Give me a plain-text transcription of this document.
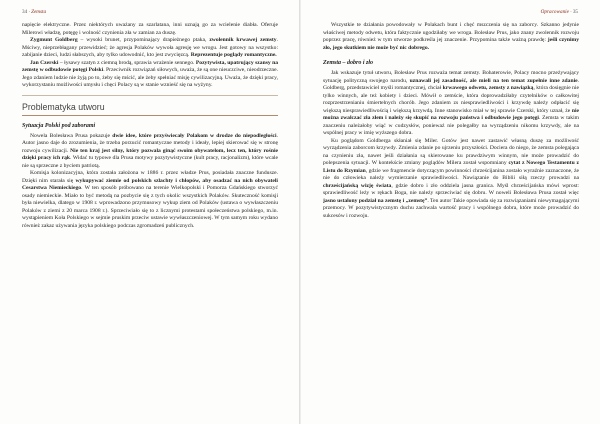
34 · Zemsta

napięcie elektryczne. Przez niektórych uważany za szarlatana, inni uznają go za wcielenie diabła. Oferuje Milerowi władzę, potęgę i wolność czynienia zła w zamian za duszę.

Zygmunt Goldberg – wysoki brunet, przypominający drapieżnego ptaka, zwolennik krwawej zemsty. Mściwy, nieprzebłagany przewidzieć; że agresja Polaków wywoła agresję we wrogu. Jest gotowy na wszystko: zabijanie dzieci, ludzi słabszych, aby tylko udowodnić, kto jest zwycięzcą. Reprezentuje poglądy romantyczne.

Jan Czerski – łysawy szatyn z ciemną brodą, sprawia wrażenie sennego. Pozytywista, upatrujący szansy na zemstę w odbudowie potęgi Polski. Przeciwnik rozwiązań siłowych, uważa, że są one nieuczciwe, nieodrzeczne. Jego zdaniem ludzie nie żyją po to, żeby się mścić, ale żeby spełniać misję cywilizacyjną. Uważa, że dzięki pracy, wykorzystaniu możliwości umysłu i chęci Polacy są w stanie wznieść się na wyżyny.

Problematyka utworu
Sytuacja Polski pod zaborami

Nowela Bolesława Prusa pokazuje dwie idee, które przyświecały Polakom w drodze do niepodległości. Autor jasno daje do zrozumienia, że trzeba porzucić romantyczne metody i ideały, lepiej skierować się w stronę rozwoju cywilizacji. Nie ten kraj jest silny, który pozwala ginąć swoim obywatelom, lecz ten, który rośnie dzięki pracy ich rąk. Widać tu typowe dla Prusa motywy pozytywistyczne (kult pracy, racjonalizm), które wcale nie są sprzeczne z byciem patriotą.

Komisja kolonizacyjna, która została założona w 1886 r. przez władze Prus, posiadała znaczne fundusze. Dzięki nim starała się wykupywać ziemie od polskich szlachty i chłopów, aby osadzać na nich obywateli Cesarstwa Niemieckiego. W ten sposób próbowano na terenie Wielkopolski i Pomorza Gdańskiego stworzyć osady niemieckie. Miało to być metodą na pozbycie się z tych okolic wszystkich Polaków. Skuteczność komisji była niewielka, dlatego w 1908 r. wprowadzono przymusowy wykup ziem od Polaków (ustawa o wywłaszczeniu Polaków z ziemi z 20 marca 1908 r.). Sprzeciwiało się to z licznymi protestami społeczeństwa polskiego, m.in. wystąpieniem Koła Polskiego w sejmie pruskim przeciw ustawie wywłaszczeniowej. W tym samym roku wydano również zakaz używania języka polskiego podczas zgromadzeń publicznych.

Opracowanie · 35

Wszystkie te działania powodowały w Polakach bunt i chęć mszczenia się na zaborcy. Szkanno jedynie właściwej metody odwetu, która faktycznie ugodziłaby we wroga. Bolesław Prus, jako znany zwolennik rozwoju poprzez pracę, również w tym utworze podkreśla jej znaczenie. Przypomina także ważną prawdę: jeśli czynimy zło, jego skutkiem nie może być nic dobrego.

Zemsta – dobro i zło

Jak wskazuje tytuł utworu, Bolesław Prus rozważa temat zemsty. Bohaterowie, Polacy mocno przeżywający sytuację polityczną swojego narodu, uznawali jej zasadność, ale mieli na ten temat zupełnie inne zdanie. Goldberg, przedstawiciel myśli romantycznej, chciał krwawego odwetu, zemsty z nawiązką, która dosięgnie nie tylko winnych, ale też kobiety i dzieci. Mówił o zemście, która doprowadziłaby czytelników o całkowitej rozprzestrzenianiu śmiertelnych chorób. Jego zdaniem zs niesprawiedliwości i krzywdę należy odpłacić się większą niesprawiedliwością i większą krzywdą. Inne stanowisko miał w tej sprawie Czerski, który uznał, że nie można zwalczać zła złem i należy się skupić na rozwoju państwa i odbudowie jego potęgi. Zemsta w takim znaczeniu należałoby wiąć w cudzysłów, ponieważ nie polegałby na wyrządzeniu nikomu krzywdy, ale na wspólnej pracy w imię wyższego dobra.

Ku poglądom Goldberga skłaniał się Miler. Gotów jest nawet zastawić własną duszę za możliwość wyrządzenia zaborcom krzywdy. Zmienia zdanie po ujrzeniu przyszłości. Docierа do niego, że zemsta polegająca na czynieniu zła, nawet jeśli działaniа są skierowane ku prawdziwym winnym, nie może prowadzić do polepszenia sytuacji. W kontekście zmiany poglądów Milera został wspomniany cytat z Nowego Testamentu z Listu do Rzymian, gdzie we fragmencie dotyczącym powinności chrześcijanina zostało wyraźnie zaznaczone, że nie do człowieka należy wymierzanie sprawiedliwości. Nawiązanie do Biblii siłą rzeczy prowadzi na chrześcijańską wizję świata, gdzie dobro i zło oddziela jasna granica. Myśl chrześcijańska mówi wprost: sprawiedliwość leży w rękach Boga, nie należy sprzeciwiać się dobru. W nowelі Bolesława Prusa został więc jasno ustalony podział na zemstę i „zemstę”. Ten autor Takie opowiada się za rozwiązaniami niewymagającymi przemocy. W pozytywistycznym duchu zachwala wartość pracy i wspólnego dobra, które może prowadzić do sukcesów i rozwoju.
